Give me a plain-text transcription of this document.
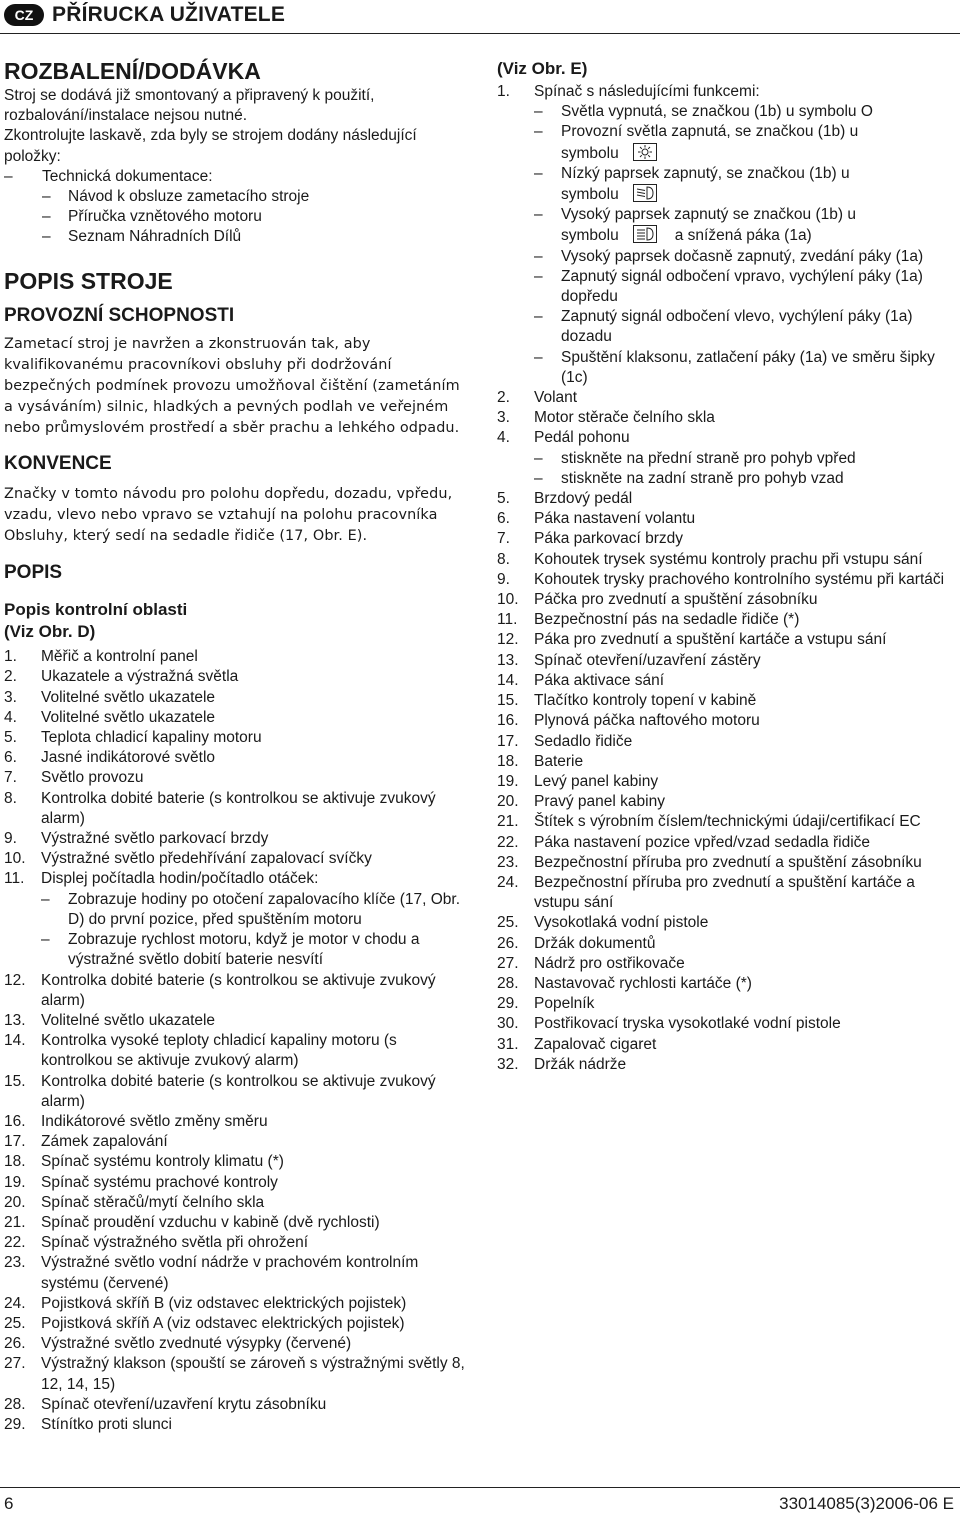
CZ PŘÍRUCKA UŽIVATELE
ROZBALENÍ/DODÁVKA

Stroj se dodává již smontovaný a připravený k použití, rozbalování/instalace nejsou nutné.

Zkontrolujte laskavě, zda byly se strojem dodány následující položky:

– Technická dokumentace:

– Návod k obsluze zametacího stroje

– Příručka vznětového motoru

– Seznam Náhradních Dílů

POPIS STROJE
PROVOZNÍ SCHOPNOSTI

Zametací stroj je navržen a zkonstruován tak, aby kvalifikovanému pracovníkovi obsluhy při dodržování bezpečných podmínek provozu umožňoval čištění (zametáním a vysáváním) silnic, hladkých a pevných podlah ve veřejném nebo průmyslovém prostředí a sběr prachu a lehkého odpadu.

KONVENCE

Značky v tomto návodu pro polohu dopředu, dozadu, vpředu, vzadu, vlevo nebo vpravo se vztahují na polohu pracovníka Obsluhy, který sedí na sedadle řidiče (17, Obr. E).

POPIS
Popis kontrolní oblasti
(Viz Obr. D)

1. Měřič a kontrolní panel

2. Ukazatele a výstražná světla

3. Volitelné světlo ukazatele

4. Volitelné světlo ukazatele

5. Teplota chladicí kapaliny motoru

6. Jasné indikátorové světlo

7. Světlo provozu

8. Kontrolka dobité baterie (s kontrolkou se aktivuje zvukový alarm)

9. Výstražné světlo parkovací brzdy

10. Výstražné světlo předehřívání zapalovací svíčky

11. Displej počítadla hodin/počítadlo otáček:

– Zobrazuje hodiny po otočení zapalovacího klíče (17, Obr. D) do první pozice, před spuštěním motoru

– Zobrazuje rychlost motoru, když je motor v chodu a výstražné světlo dobití baterie nesvítí

12. Kontrolka dobité baterie (s kontrolkou se aktivuje zvukový alarm)

13. Volitelné světlo ukazatele

14. Kontrolka vysoké teploty chladicí kapaliny motoru (s kontrolkou se aktivuje zvukový alarm)

15. Kontrolka dobité baterie (s kontrolkou se aktivuje zvukový alarm)

16. Indikátorové světlo změny směru

17. Zámek zapalování

18. Spínač systému kontroly klimatu (*)

19. Spínač systému prachové kontroly

20. Spínač stěračů/mytí čelního skla

21. Spínač proudění vzduchu v kabině (dvě rychlosti)

22. Spínač výstražného světla při ohrožení

23. Výstražné světlo vodní nádrže v prachovém kontrolním systému (červené)

24. Pojistková skříň B (viz odstavec elektrických pojistek)

25. Pojistková skříň A (viz odstavec elektrických pojistek)

26. Výstražné světlo zvednuté výsypky (červené)

27. Výstražný klakson (spouští se zároveň s výstražnými světly 8, 12, 14, 15)

28. Spínač otevření/uzavření krytu zásobníku

29. Stínítko proti slunci

(Viz Obr. E)

1. Spínač s následujícími funkcemi:

– Světla vypnutá, se značkou (1b) u symbolu O

– Provozní světla zapnutá, se značkou (1b) u
symbolu

– Nízký paprsek zapnutý, se značkou (1b) u
symbolu

– Vysoký paprsek zapnutý se značkou (1b) u
symbolu	a snížená páka (1a)

– Vysoký paprsek dočasně zapnutý, zvedání páky (1a)

– Zapnutý signál odbočení vpravo, vychýlení páky (1a) dopředu

– Zapnutý signál odbočení vlevo, vychýlení páky (1a) dozadu

– Spuštění klaksonu, zatlačení páky (1a) ve směru šipky (1c)

2. Volant

3. Motor stěrače čelního skla

4. Pedál pohonu

– stiskněte na přední straně pro pohyb vpřed

– stiskněte na zadní straně pro pohyb vzad

5. Brzdový pedál

6. Páka nastavení volantu

7. Páka parkovací brzdy

8. Kohoutek trysek systému kontroly prachu při vstupu sání

9. Kohoutek trysky prachového kontrolního systému při kartáči

10. Páčka pro zvednutí a spuštění zásobníku

11. Bezpečnostní pás na sedadle řidiče (*)

12. Páka pro zvednutí a spuštění kartáče a vstupu sání

13. Spínač otevření/uzavření zástěry

14. Páka aktivace sání

15. Tlačítko kontroly topení v kabině

16. Plynová páčka naftového motoru

17. Sedadlo řidiče

18. Baterie

19. Levý panel kabiny

20. Pravý panel kabiny

21. Štítek s výrobním číslem/technickými údaji/certifikací EC

22. Páka nastavení pozice vpřed/vzad sedadla řidiče

23. Bezpečnostní příruba pro zvednutí a spuštění zásobníku

24. Bezpečnostní příruba pro zvednutí a spuštění kartáče a vstupu sání

25. Vysokotlaká vodní pistole

26. Držák dokumentů

27. Nádrž pro ostřikovače

28. Nastavovač rychlosti kartáče (*)

29. Popelník

30. Postřikovací tryska vysokotlaké vodní pistole

31. Zapalovač cigaret

32. Držák nádrže

6	33014085(3)2006-06 E
